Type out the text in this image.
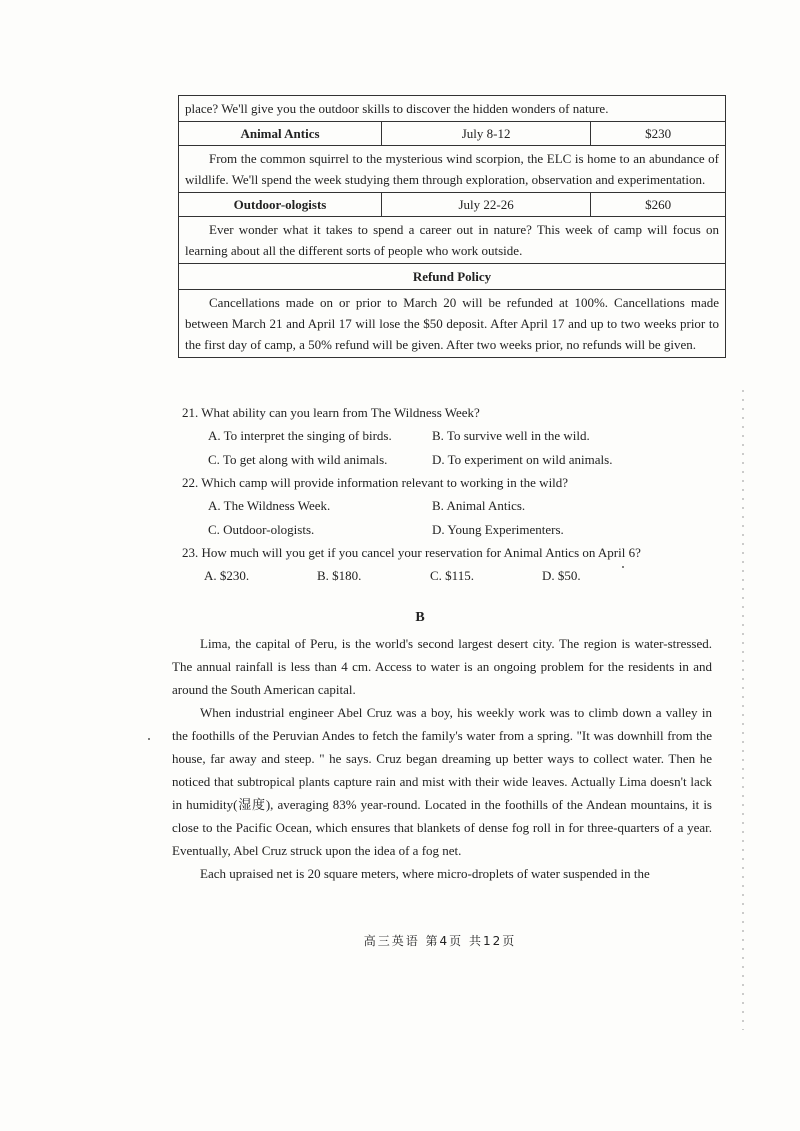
place? We'll give you the outdoor skills to discover the hidden wonders of nature.		
Animal Antics	July 8-12	$230
From the common squirrel to the mysterious wind scorpion, the ELC is home to an abundance of wildlife. We'll spend the week studying them through exploration, observation and experimentation.		
Outdoor-ologists	July 22-26	$260
Ever wonder what it takes to spend a career out in nature? This week of camp will focus on learning about all the different sorts of people who work outside.		
Refund Policy		
Cancellations made on or prior to March 20 will be refunded at 100%. Cancellations made between March 21 and April 17 will lose the $50 deposit. After April 17 and up to two weeks prior to the first day of camp, a 50% refund will be given. After two weeks prior, no refunds will be given.		
21. What ability can you learn from The Wildness Week?
A. To interpret the singing of birds.	B. To survive well in the wild.
C. To get along with wild animals.	D. To experiment on wild animals.
22. Which camp will provide information relevant to working in the wild?
A. The Wildness Week.	B. Animal Antics.
C. Outdoor-ologists.	D. Young Experimenters.
23. How much will you get if you cancel your reservation for Animal Antics on April 6?
A. $230.	B. $180.	C. $115.	D. $50.
B

Lima, the capital of Peru, is the world's second largest desert city. The region is water-stressed. The annual rainfall is less than 4 cm. Access to water is an ongoing problem for the residents in and around the South American capital.

When industrial engineer Abel Cruz was a boy, his weekly work was to climb down a valley in the foothills of the Peruvian Andes to fetch the family's water from a spring. "It was downhill from the house, far away and steep. " he says. Cruz began dreaming up better ways to collect water. Then he noticed that subtropical plants capture rain and mist with their wide leaves. Actually Lima doesn't lack in humidity(湿度), averaging 83% year-round. Located in the foothills of the Andean mountains, it is close to the Pacific Ocean, which ensures that blankets of dense fog roll in for three-quarters of a year. Eventually, Abel Cruz struck upon the idea of a fog net.

Each upraised net is 20 square meters, where micro-droplets of water suspended in the

高三英语 第4页 共12页
